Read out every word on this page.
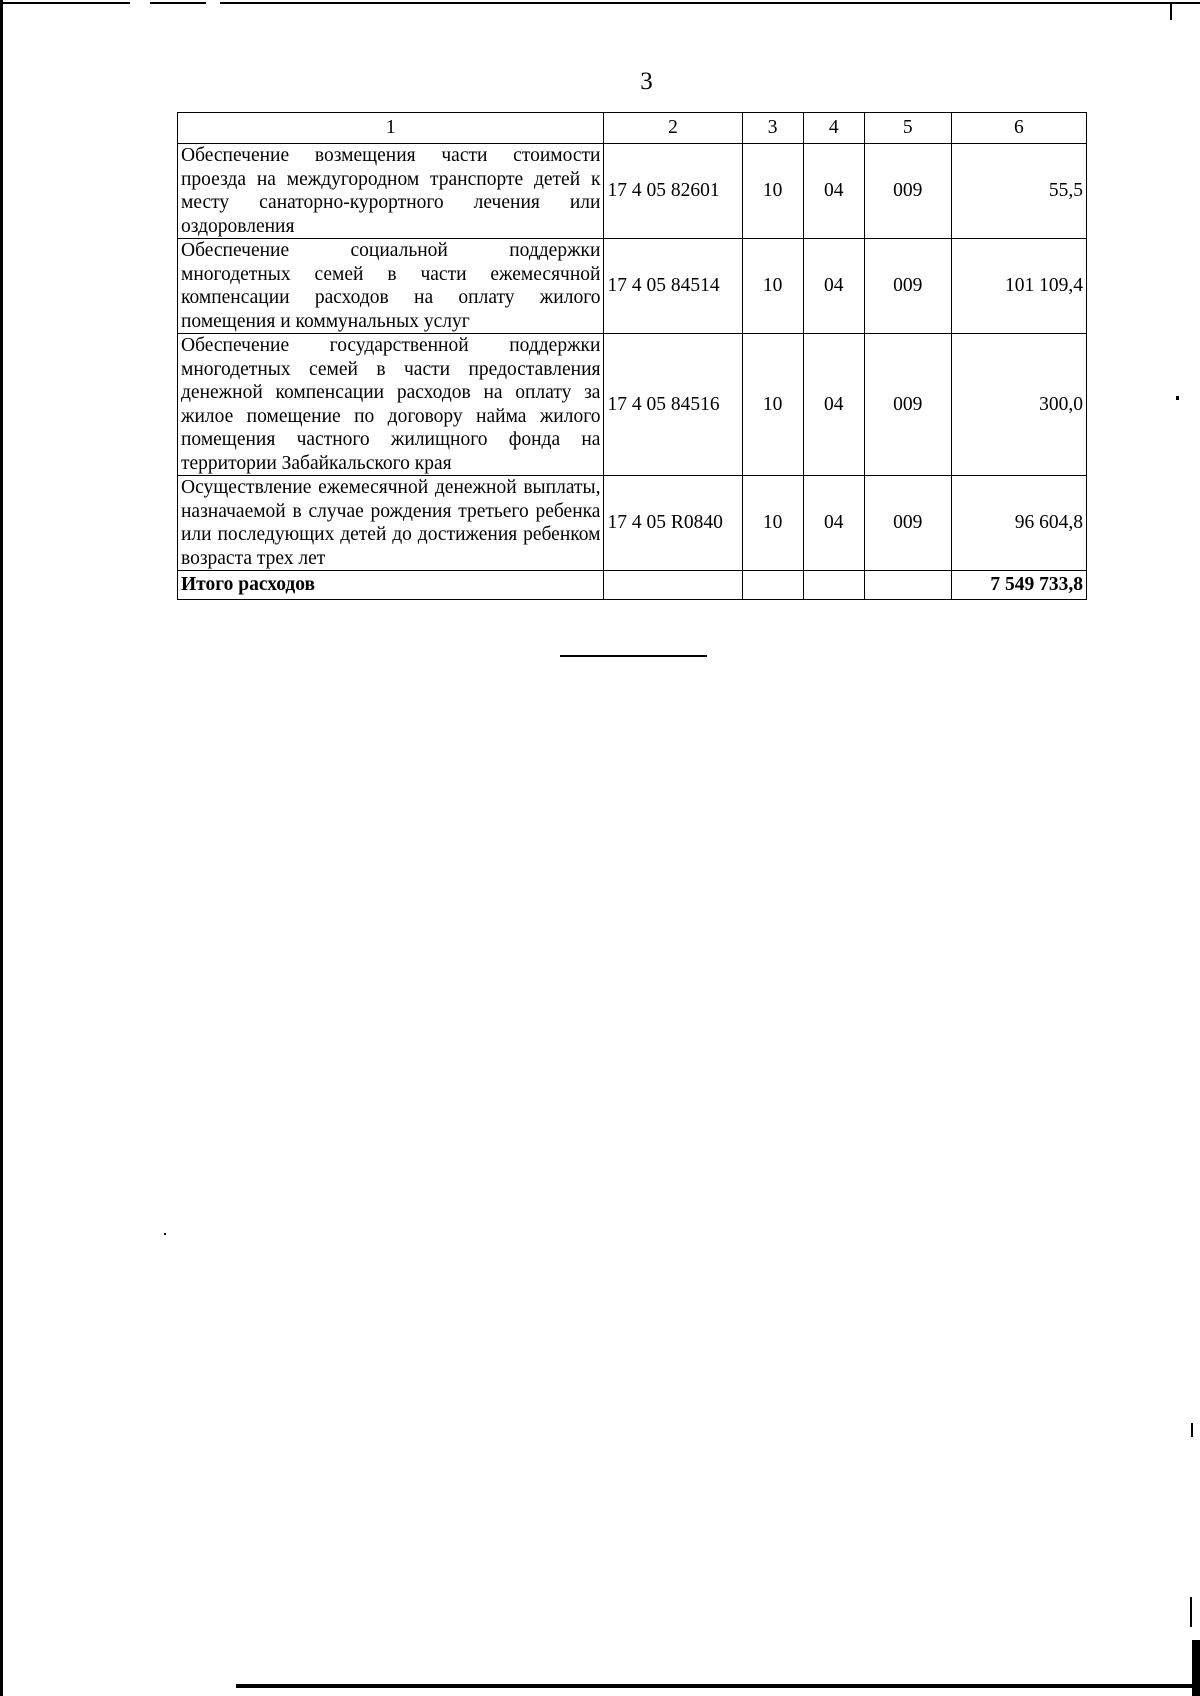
3
1	2	3	4	5	6
Обеспечение возмещения части стоимости проезда на междугородном транспорте детей к месту санаторно-курортного лечения или оздоровления	17 4 05 82601	10	04	009	55,5
Обеспечение социальной поддержки многодетных семей в части ежемесячной компенсации расходов на оплату жилого помещения и коммунальных услуг	17 4 05 84514	10	04	009	101 109,4
Обеспечение государственной поддержки многодетных семей в части предоставления денежной компенсации расходов на оплату за жилое помещение по договору найма жилого помещения частного жилищного фонда на территории Забайкальского края	17 4 05 84516	10	04	009	300,0
Осуществление ежемесячной денежной выплаты, назначаемой в случае рождения третьего ребенка или последующих детей до достижения ребенком возраста трех лет	17 4 05 R0840	10	04	009	96 604,8
Итого расходов					7 549 733,8
